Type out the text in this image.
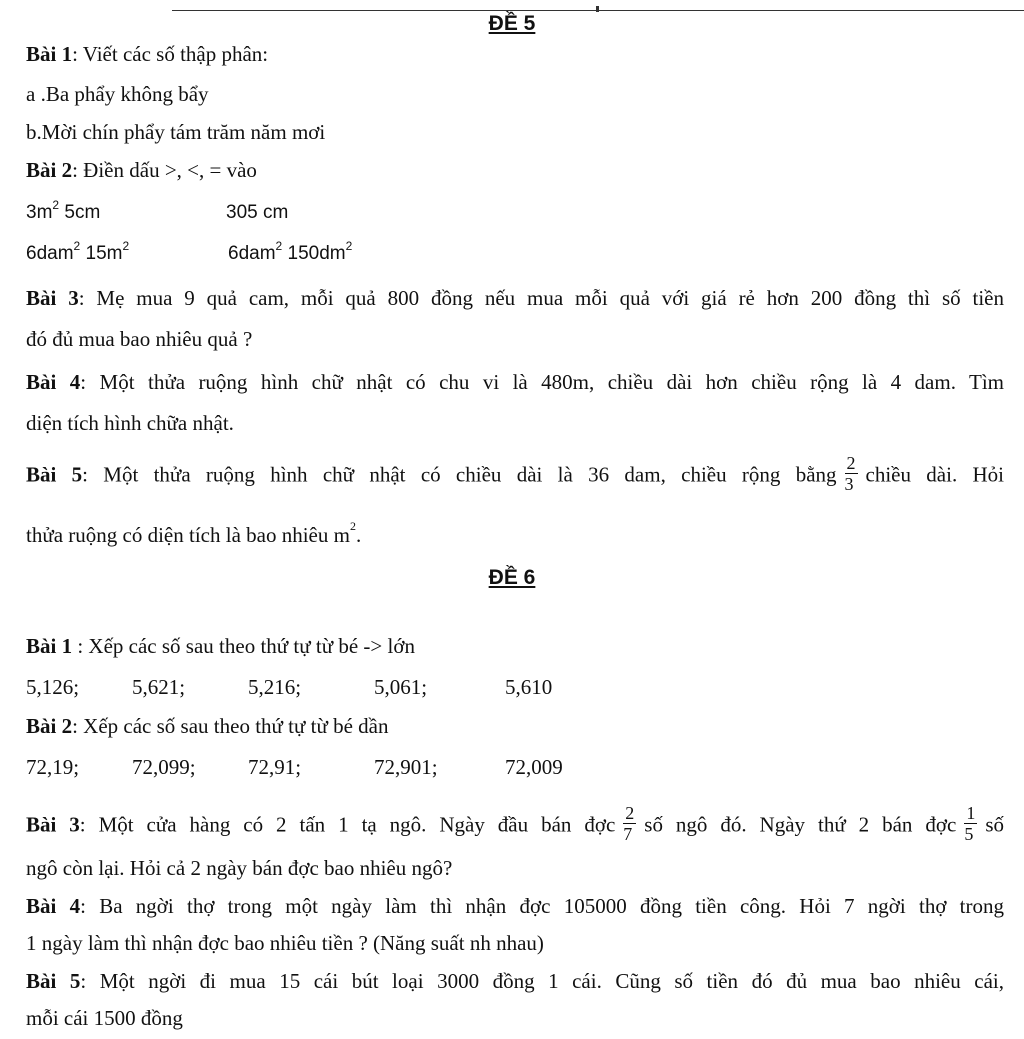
ĐỀ 5
Bài 1: Viết các số thập phân:
a .Ba phẩy không bẩy
b.Mời chín phẩy tám trăm năm mơi
Bài 2: Điền dấu >, <, = vào
$3m^2$ 5cm	305 cm
6dam$^2$ $15m^2$	6dam$^2$ $150dm^2$
Bài 3: Mẹ mua 9 quả cam, mỗi quả 800 đồng nếu mua mỗi quả với giá rẻ hơn 200 đồng thì số tiền
đó đủ mua bao nhiêu quả ?
Bài 4: Một thửa ruộng hình chữ nhật có chu vi là 480m, chiều dài hơn chiều rộng là 4 dam. Tìm
diện tích hình chữa nhật.
Bài 5: Một thửa ruộng hình chữ nhật có chiều dài là 36 dam, chiều rộng bằng $\frac{2}{3}$ chiều dài. Hỏi
thửa ruộng có diện tích là bao nhiêu $m^2$.
ĐỀ 6
Bài 1 : Xếp các số sau theo thứ tự từ bé -> lớn
5,126;	5,621;	5,216;	5,061;	5,610
Bài 2: Xếp các số sau theo thứ tự từ bé dần
72,19;	72,099; 72,91;	72,901;	72,009
Bài 3: Một cửa hàng có 2 tấn 1 tạ ngô. Ngày đầu bán đợc $\frac{2}{7}$ số ngô đó. Ngày thứ 2 bán đợc $\frac{1}{5}$ số
ngô còn lại. Hỏi cả 2 ngày bán đợc bao nhiêu ngô?
Bài 4: Ba ngời thợ trong một ngày làm thì nhận đợc 105000 đồng tiền công. Hỏi 7 ngời thợ trong
1 ngày làm thì nhận đợc bao nhiêu tiền ? (Năng suất nh nhau)
Bài 5: Một ngời đi mua 15 cái bút loại 3000 đồng 1 cái. Cũng số tiền đó đủ mua bao nhiêu cái,
mỗi cái 1500 đồng
